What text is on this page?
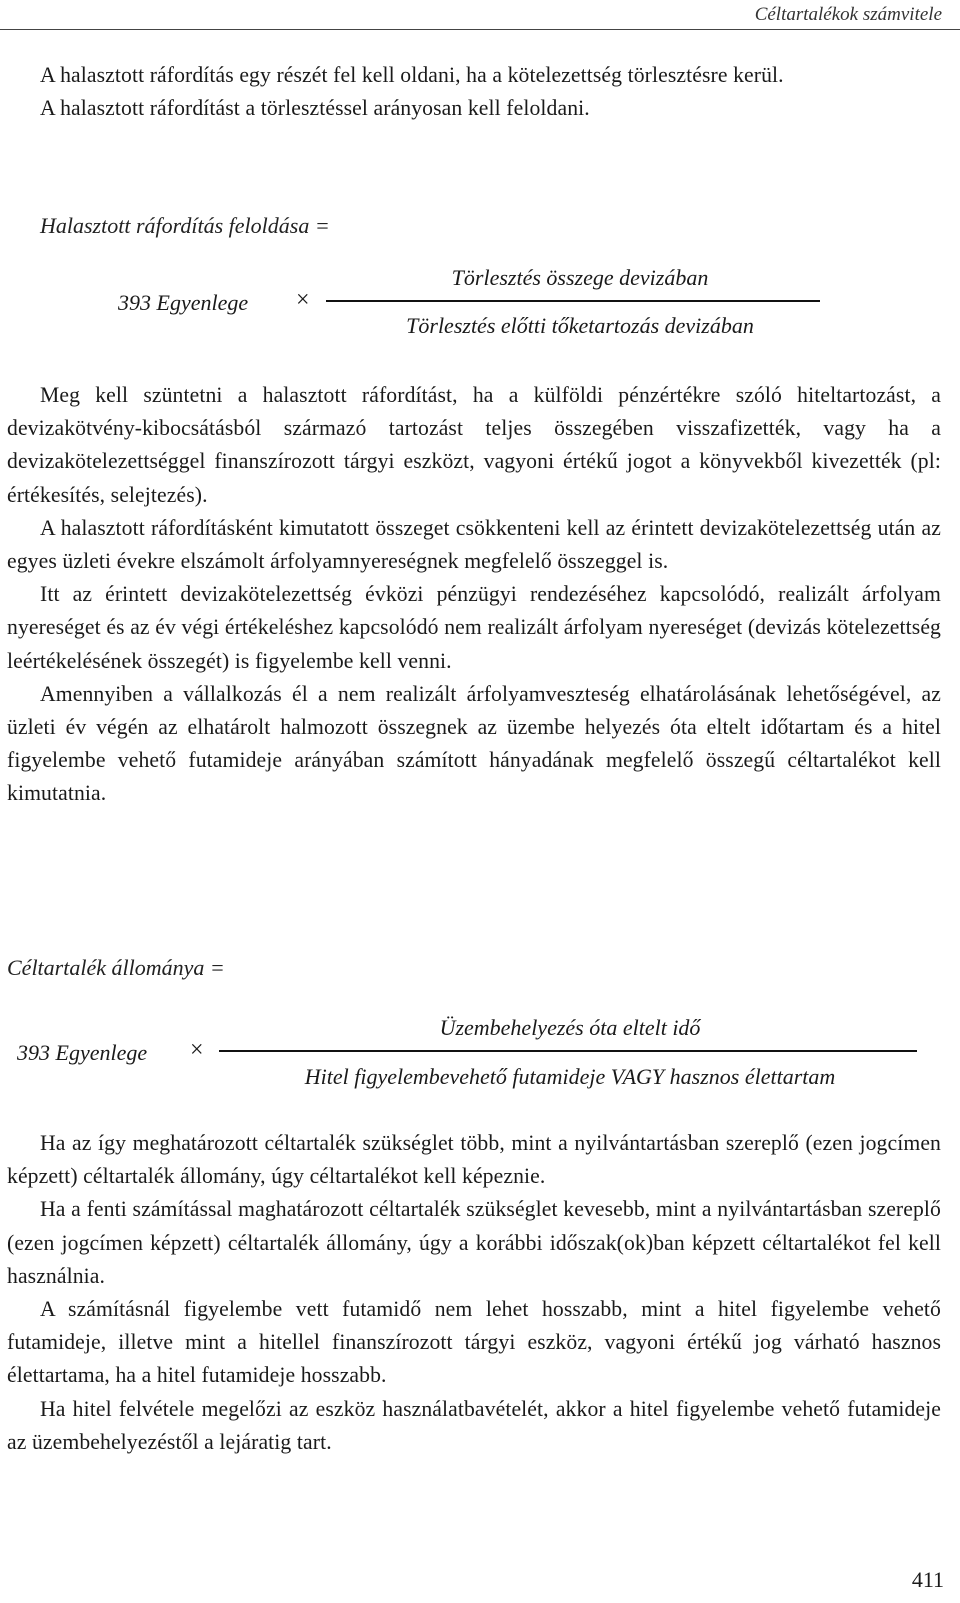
Céltartalékok számvitele

A halasztott ráfordítás egy részét fel kell oldani, ha a kötelezettség törlesztésre kerül.

A halasztott ráfordítást a törlesztéssel arányosan kell feloldani.

Halasztott ráfordítás feloldása =
393 Egyenlege ×
Törlesztés összege devizában
Törlesztés előtti tőketartozás devizában

Meg kell szüntetni a halasztott ráfordítást, ha a külföldi pénzértékre szóló hiteltartozást, a devizakötvény-kibocsátásból származó tartozást teljes összegében visszafizették, vagy ha a devizakötelezettséggel finanszírozott tárgyi eszközt, vagyoni értékű jogot a könyvekből kivezették (pl: értékesítés, selejtezés).

A halasztott ráfordításként kimutatott összeget csökkenteni kell az érintett devizakötelezettség után az egyes üzleti évekre elszámolt árfolyamnyereségnek megfelelő összeggel is.

Itt az érintett devizakötelezettség évközi pénzügyi rendezéséhez kapcsolódó, realizált árfolyam nyereséget és az év végi értékeléshez kapcsolódó nem realizált árfolyam nyereséget (devizás kötelezettség leértékelésének összegét) is figyelembe kell venni.

Amennyiben a vállalkozás él a nem realizált árfolyamveszteség elhatárolásának lehetőségével, az üzleti év végén az elhatárolt halmozott összegnek az üzembe helyezés óta eltelt időtartam és a hitel figyelembe vehető futamideje arányában számított hányadának megfelelő összegű céltartalékot kell kimutatnia.

Céltartalék állománya =
393 Egyenlege ×
Üzembehelyezés óta eltelt idő
Hitel figyelembevehető futamideje VAGY hasznos élettartam

Ha az így meghatározott céltartalék szükséglet több, mint a nyilvántartásban szereplő (ezen jogcímen képzett) céltartalék állomány, úgy céltartalékot kell képeznie.

Ha a fenti számítással maghatározott céltartalék szükséglet kevesebb, mint a nyilvántartásban szereplő (ezen jogcímen képzett) céltartalék állomány, úgy a korábbi időszak(ok)ban képzett céltartalékot fel kell használnia.

A számításnál figyelembe vett futamidő nem lehet hosszabb, mint a hitel figyelembe vehető futamideje, illetve mint a hitellel finanszírozott tárgyi eszköz, vagyoni értékű jog várható hasznos élettartama, ha a hitel futamideje hosszabb.

Ha hitel felvétele megelőzi az eszköz használatbavételét, akkor a hitel figyelembe vehető futamideje az üzembehelyezéstől a lejáratig tart.

411
